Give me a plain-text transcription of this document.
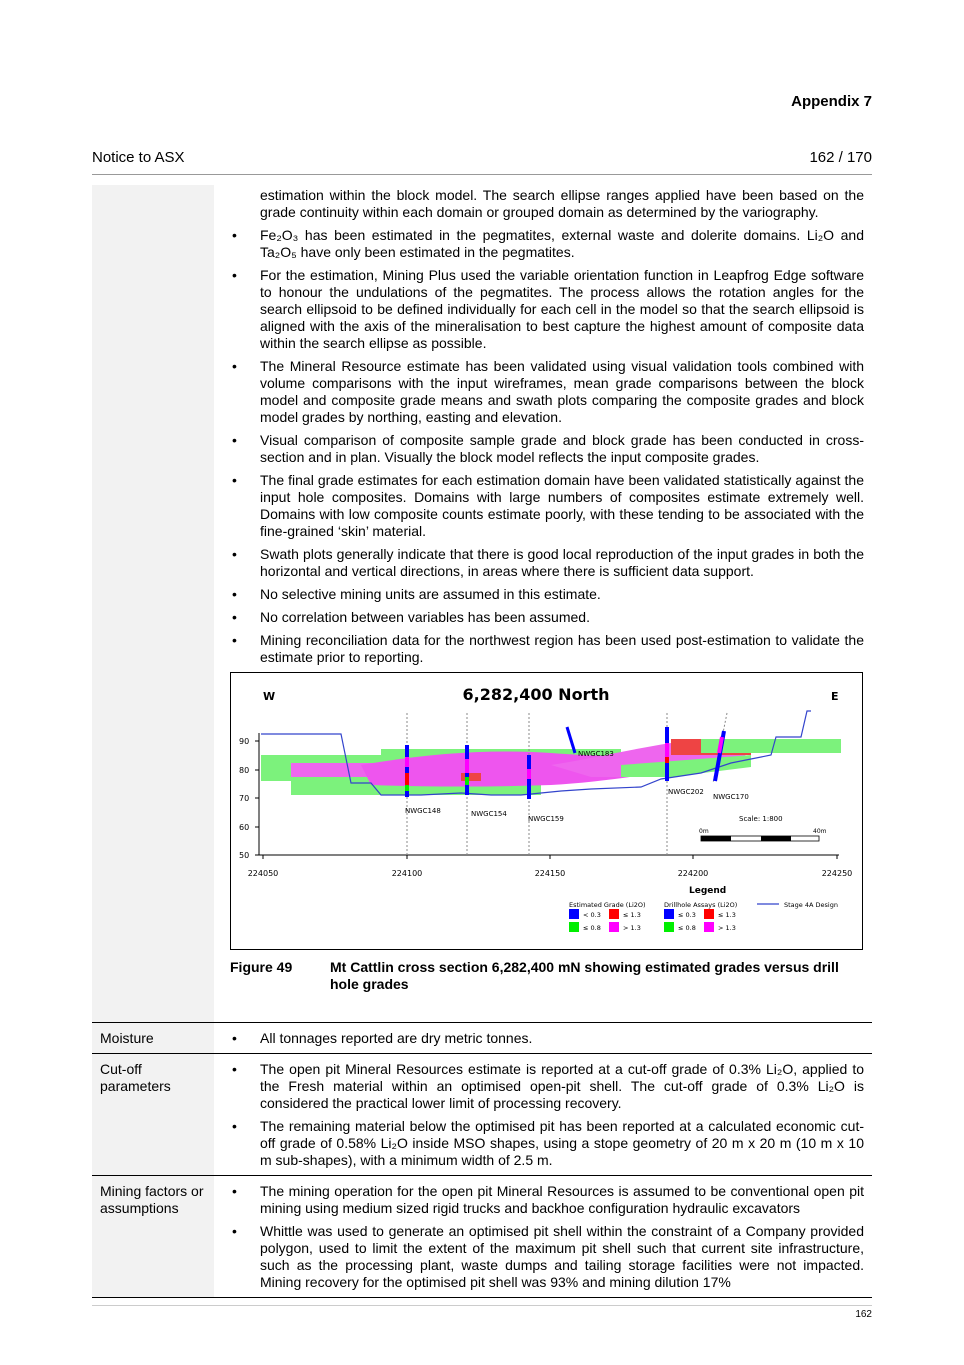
Appendix 7
Notice to ASX	162 / 170
estimation within the block model. The search ellipse ranges applied have been based on the grade continuity within each domain or grouped domain as determined by the variography.
• Fe₂O₃ has been estimated in the pegmatites, external waste and dolerite domains. Li₂O and Ta₂O₅ have only been estimated in the pegmatites.
• For the estimation, Mining Plus used the variable orientation function in Leapfrog Edge software to honour the undulations of the pegmatites. The process allows the rotation angles for the search ellipsoid to be defined individually for each cell in the model so that the search ellipsoid is aligned with the axis of the mineralisation to best capture the highest amount of composite data within the search ellipse as possible.
• The Mineral Resource estimate has been validated using visual validation tools combined with volume comparisons with the input wireframes, mean grade comparisons between the block model and composite grade means and swath plots comparing the composite grades and block model grades by northing, easting and elevation.
• Visual comparison of composite sample grade and block grade has been conducted in cross-section and in plan. Visually the block model reflects the input composite grades.
• The final grade estimates for each estimation domain have been validated statistically against the input hole composites. Domains with large numbers of composites estimate extremely well. Domains with low composite counts estimate poorly, with these tending to be associated with the fine-grained ‘skin’ material.
• Swath plots generally indicate that there is good local reproduction of the input grades in both the horizontal and vertical directions, in areas where there is sufficient data support.
• No selective mining units are assumed in this estimate.
• No correlation between variables has been assumed.
• Mining reconciliation data for the northwest region has been used post-estimation to validate the estimate prior to reporting.
W	E
6,282,400 North
90
80
70
60
50
224050	224100	224150	224200	224250
NWGC148	NWGC154
NWGC159
NWGC183
NWGC202
NWGC170
Scale: 1:800
0m	40m
Legend
Estimated Grade (Li2O)
< 0.3	≤ 1.3
≤ 0.8	> 1.3
Drillhole Assays (Li2O)
≤ 0.3	≤ 1.3
≤ 0.8	> 1.3
Stage 4A Design
Figure 49	Mt Cattlin cross section 6,282,400 mN showing estimated grades versus drill hole grades
Moisture
•	All tonnages reported are dry metric tonnes.
Cut-off parameters
• The open pit Mineral Resources estimate is reported at a cut-off grade of 0.3% Li₂O, applied to the Fresh material within an optimised open-pit shell. The cut-off grade of 0.3% Li₂O is considered the practical lower limit of processing recovery.
• The remaining material below the optimised pit has been reported at a calculated economic cut-off grade of 0.58% Li₂O inside MSO shapes, using a stope geometry of 20 m x 20 m (10 m x 10 m sub-shapes), with a minimum width of 2.5 m.
Mining factors or assumptions
• The mining operation for the open pit Mineral Resources is assumed to be conventional open pit mining using medium sized rigid trucks and backhoe configuration hydraulic excavators
• Whittle was used to generate an optimised pit shell within the constraint of a Company provided polygon, used to limit the extent of the maximum pit shell such that current site infrastructure, such as the processing plant, waste dumps and tailing storage facilities were not impacted. Mining recovery for the optimised pit shell was 93% and mining dilution 17%
162
